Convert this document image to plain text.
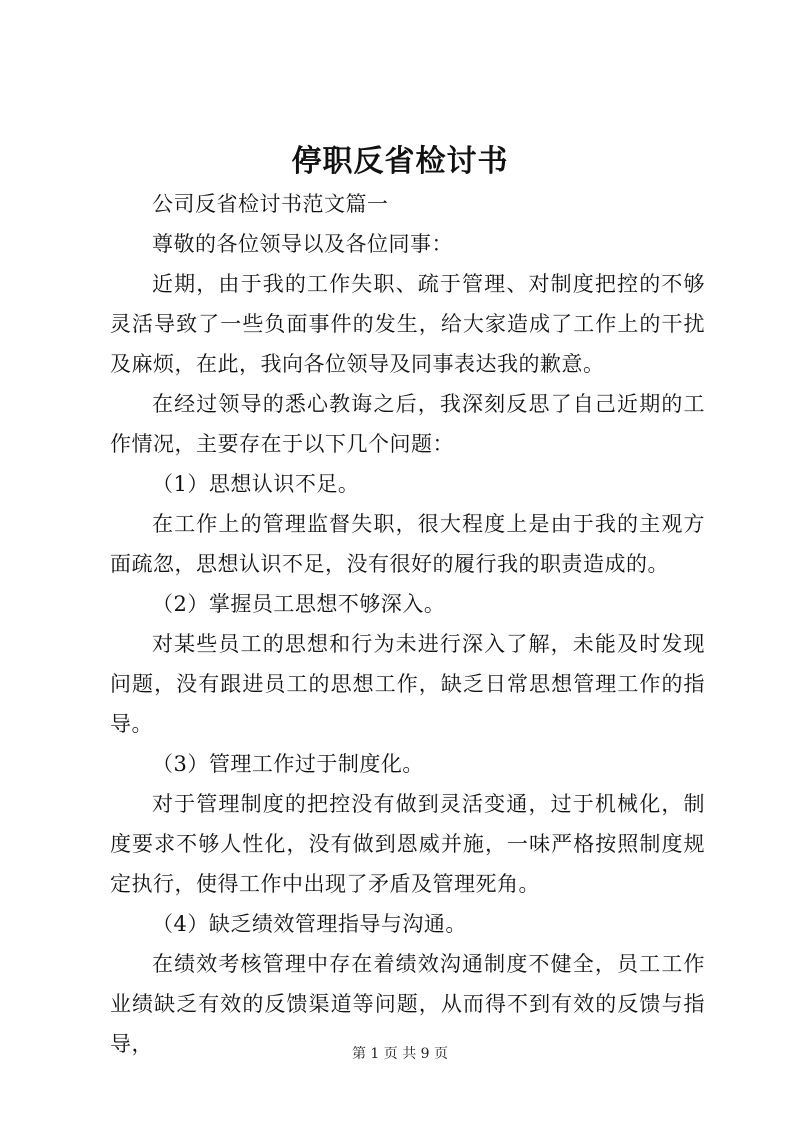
停职反省检讨书

公司反省检讨书范文篇一

尊敬的各位领导以及各位同事：

近期，由于我的工作失职、疏于管理、对制度把控的不够灵活导致了一些负面事件的发生，给大家造成了工作上的干扰及麻烦，在此，我向各位领导及同事表达我的歉意。

在经过领导的悉心教诲之后，我深刻反思了自己近期的工作情况，主要存在于以下几个问题：

（1）思想认识不足。

在工作上的管理监督失职，很大程度上是由于我的主观方面疏忽，思想认识不足，没有很好的履行我的职责造成的。

（2）掌握员工思想不够深入。

对某些员工的思想和行为未进行深入了解，未能及时发现问题，没有跟进员工的思想工作，缺乏日常思想管理工作的指导。

（3）管理工作过于制度化。

对于管理制度的把控没有做到灵活变通，过于机械化，制度要求不够人性化，没有做到恩威并施，一味严格按照制度规定执行，使得工作中出现了矛盾及管理死角。

（4）缺乏绩效管理指导与沟通。

在绩效考核管理中存在着绩效沟通制度不健全，员工工作业绩缺乏有效的反馈渠道等问题，从而得不到有效的反馈与指导，	第 1 页 共 9 页
